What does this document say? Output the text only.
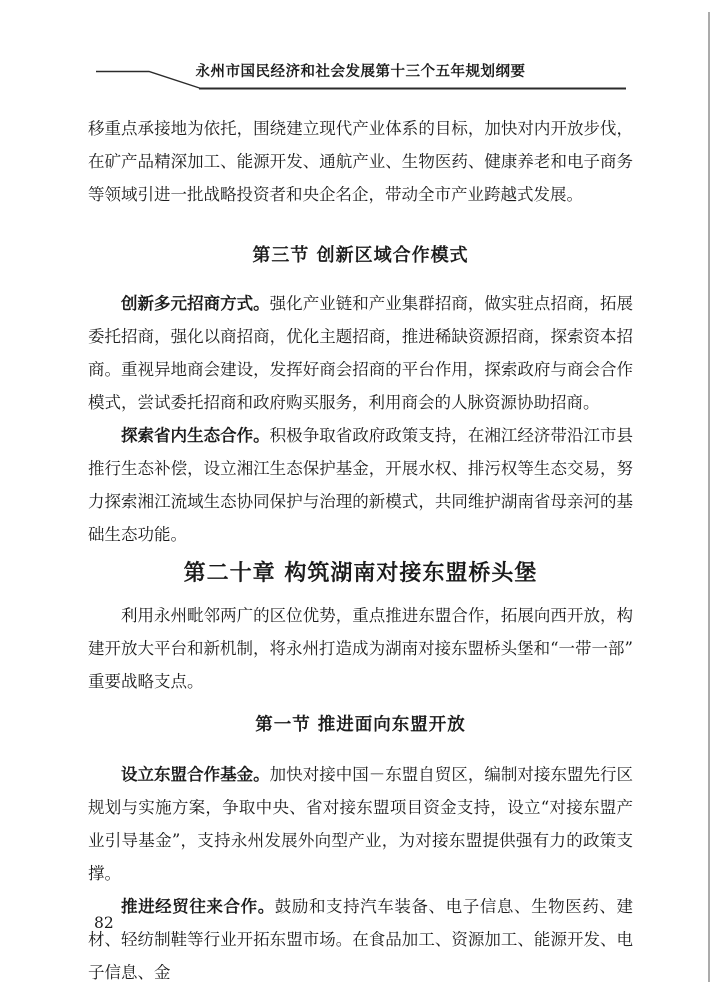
永州市国民经济和社会发展第十三个五年规划纲要

移重点承接地为依托，围绕建立现代产业体系的目标，加快对内开放步伐，在矿产品精深加工、能源开发、通航产业、生物医药、健康养老和电子商务等领域引进一批战略投资者和央企名企，带动全市产业跨越式发展。

第三节 创新区域合作模式

创新多元招商方式。强化产业链和产业集群招商，做实驻点招商，拓展委托招商，强化以商招商，优化主题招商，推进稀缺资源招商，探索资本招商。重视异地商会建设，发挥好商会招商的平台作用，探索政府与商会合作模式，尝试委托招商和政府购买服务，利用商会的人脉资源协助招商。

探索省内生态合作。积极争取省政府政策支持，在湘江经济带沿江市县推行生态补偿，设立湘江生态保护基金，开展水权、排污权等生态交易，努力探索湘江流域生态协同保护与治理的新模式，共同维护湖南省母亲河的基础生态功能。

第二十章 构筑湖南对接东盟桥头堡

利用永州毗邻两广的区位优势，重点推进东盟合作，拓展向西开放，构建开放大平台和新机制，将永州打造成为湖南对接东盟桥头堡和“一带一部”重要战略支点。

第一节 推进面向东盟开放

设立东盟合作基金。加快对接中国－东盟自贸区，编制对接东盟先行区规划与实施方案，争取中央、省对接东盟项目资金支持，设立“对接东盟产业引导基金”，支持永州发展外向型产业，为对接东盟提供强有力的政策支撑。

推进经贸往来合作。鼓励和支持汽车装备、电子信息、生物医药、建材、轻纺制鞋等行业开拓东盟市场。在食品加工、资源加工、能源开发、电子信息、金

82
